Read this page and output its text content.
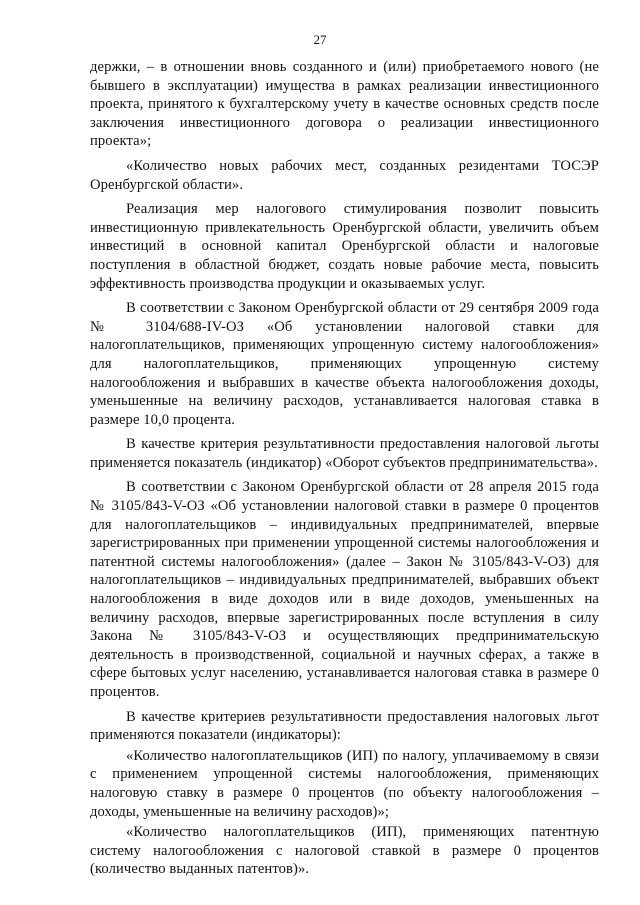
27

держки, – в отношении вновь созданного и (или) приобретаемого нового (не бывшего в эксплуатации) имущества в рамках реализации инвестиционного проекта, принятого к бухгалтерскому учету в качестве основных средств после заключения инвестиционного договора о реализации инвестиционного проекта»;

«Количество новых рабочих мест, созданных резидентами ТОСЭР Оренбургской области».

Реализация мер налогового стимулирования позволит повысить инвестиционную привлекательность Оренбургской области, увеличить объем инвестиций в основной капитал Оренбургской области и налоговые поступления в областной бюджет, создать новые рабочие места, повысить эффективность производства продукции и оказываемых услуг.

В соответствии с Законом Оренбургской области от 29 сентября 2009 года № 3104/688-IV-ОЗ «Об установлении налоговой ставки для налогоплательщиков, применяющих упрощенную систему налогообложения» для налогоплательщиков, применяющих упрощенную систему налогообложения и выбравших в качестве объекта налогообложения доходы, уменьшенные на величину расходов, устанавливается налоговая ставка в размере 10,0 процента.

В качестве критерия результативности предоставления налоговой льготы применяется показатель (индикатор) «Оборот субъектов предпринимательства».

В соответствии с Законом Оренбургской области от 28 апреля 2015 года № 3105/843-V-ОЗ «Об установлении налоговой ставки в размере 0 процентов для налогоплательщиков – индивидуальных предпринимателей, впервые зарегистрированных при применении упрощенной системы налогообложения и патентной системы налогообложения» (далее – Закон № 3105/843-V-ОЗ) для налогоплательщиков – индивидуальных предпринимателей, выбравших объект налогообложения в виде доходов или в виде доходов, уменьшенных на величину расходов, впервые зарегистрированных после вступления в силу Закона № 3105/843-V-ОЗ и осуществляющих предпринимательскую деятельность в производственной, социальной и научных сферах, а также в сфере бытовых услуг населению, устанавливается налоговая ставка в размере 0 процентов.

В качестве критериев результативности предоставления налоговых льгот применяются показатели (индикаторы):

«Количество налогоплательщиков (ИП) по налогу, уплачиваемому в связи с применением упрощенной системы налогообложения, применяющих налоговую ставку в размере 0 процентов (по объекту налогообложения – доходы, уменьшенные на величину расходов)»;

«Количество налогоплательщиков (ИП), применяющих патентную систему налогообложения с налоговой ставкой в размере 0 процентов (количество выданных патентов)».
